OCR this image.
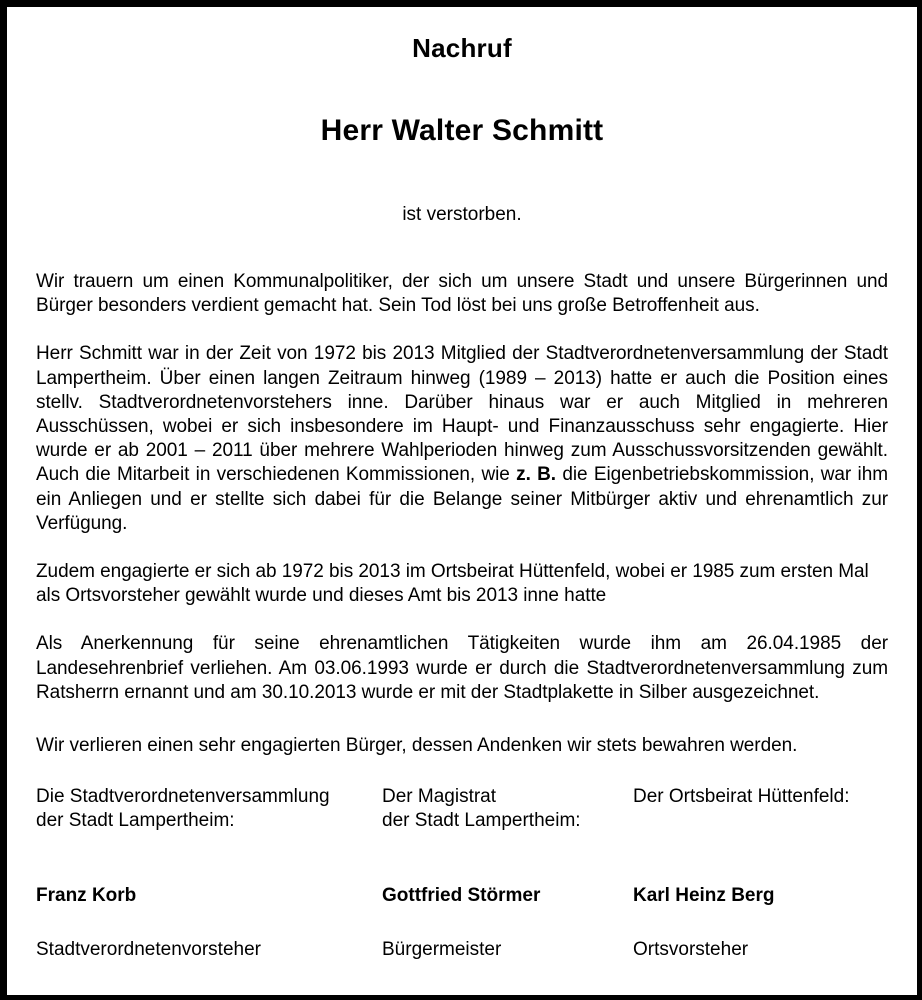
Nachruf
Herr Walter Schmitt

ist verstorben.

Wir trauern um einen Kommunalpolitiker, der sich um unsere Stadt und unsere Bürgerinnen und Bürger besonders verdient gemacht hat. Sein Tod löst bei uns große Betroffenheit aus.

Herr Schmitt war in der Zeit von 1972 bis 2013 Mitglied der Stadtverordnetenversammlung der Stadt Lampertheim. Über einen langen Zeitraum hinweg (1989 – 2013) hatte er auch die Position eines stellv. Stadtverordnetenvorstehers inne. Darüber hinaus war er auch Mitglied in mehreren Ausschüssen, wobei er sich insbesondere im Haupt- und Finanzausschuss sehr engagierte. Hier wurde er ab 2001 – 2011 über mehrere Wahlperioden hinweg zum Ausschussvorsitzenden gewählt. Auch die Mitarbeit in verschiedenen Kommissionen, wie z. B. die Eigenbetriebskommission, war ihm ein Anliegen und er stellte sich dabei für die Belange seiner Mitbürger aktiv und ehrenamtlich zur Verfügung.

Zudem engagierte er sich ab 1972 bis 2013 im Ortsbeirat Hüttenfeld, wobei er 1985 zum ersten Mal als Ortsvorsteher gewählt wurde und dieses Amt bis 2013 inne hatte

Als Anerkennung für seine ehrenamtlichen Tätigkeiten wurde ihm am 26.04.1985 der Landesehrenbrief verliehen. Am 03.06.1993 wurde er durch die Stadtverordnetenversammlung zum Ratsherrn ernannt und am 30.10.2013 wurde er mit der Stadtplakette in Silber ausgezeichnet.

Wir verlieren einen sehr engagierten Bürger, dessen Andenken wir stets bewahren werden.

Die Stadtverordnetenversammlung
der Stadt Lampertheim:
Franz Korb
Stadtverordnetenvorsteher
Der Magistrat
der Stadt Lampertheim:
Gottfried Störmer
Bürgermeister
Der Ortsbeirat Hüttenfeld:

Karl Heinz Berg
Ortsvorsteher
